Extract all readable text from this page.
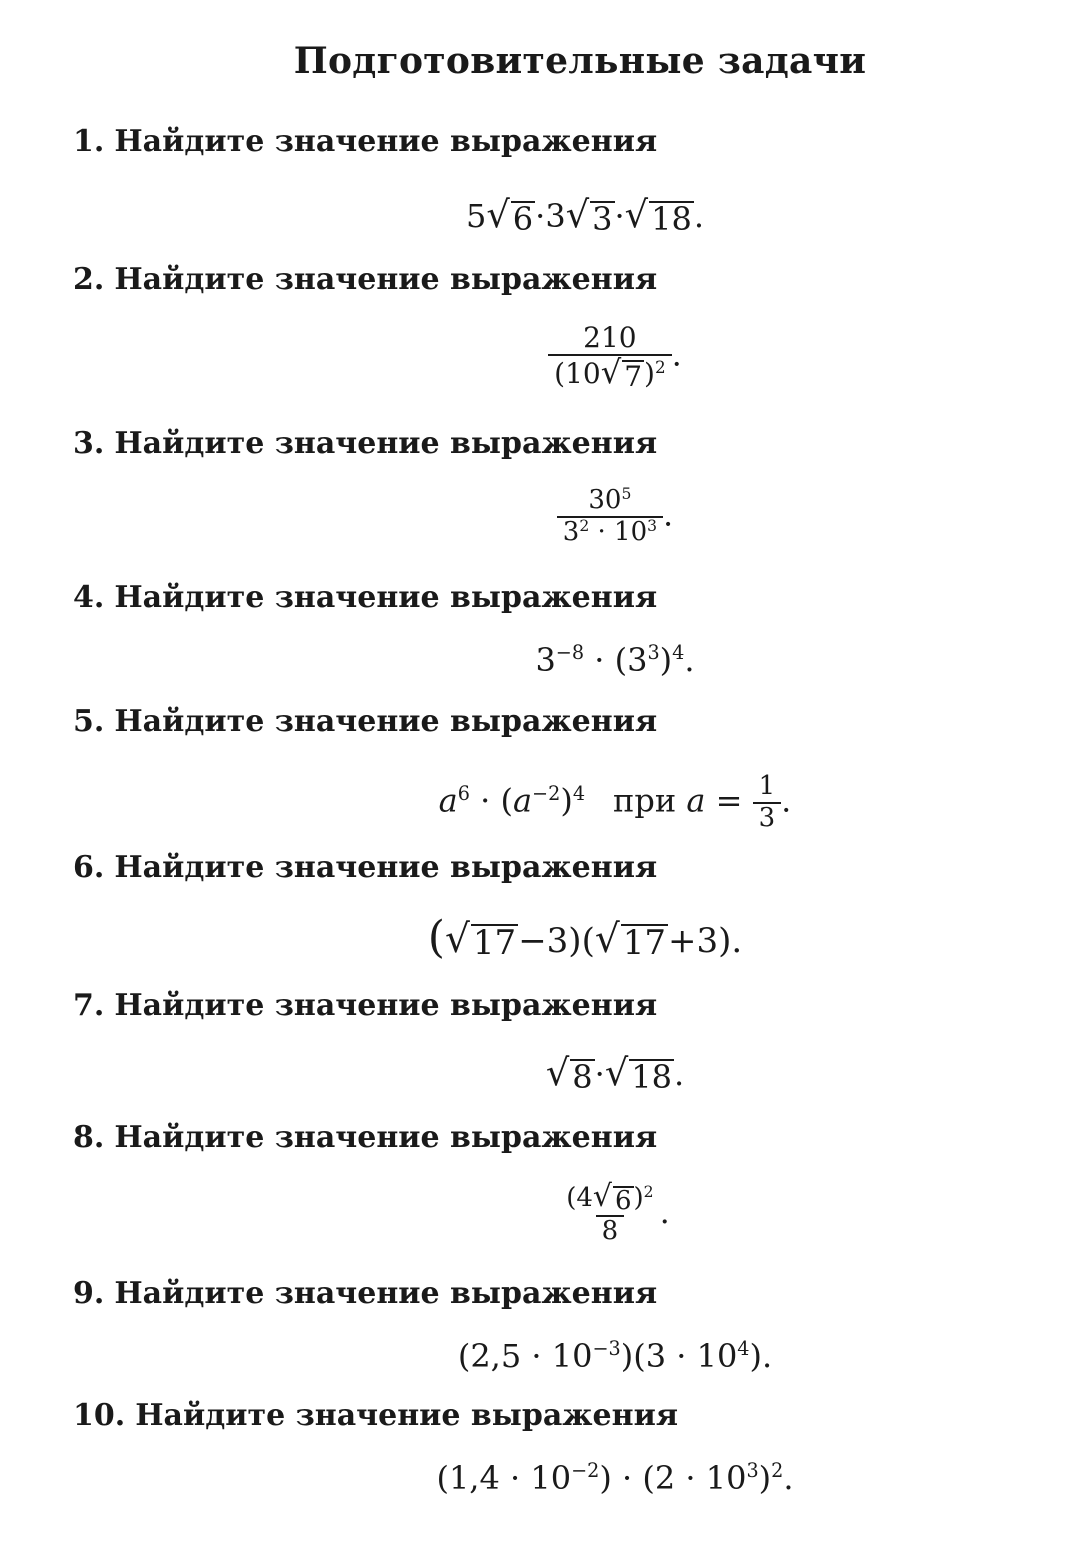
Подготовительные задачи
1. Найдите значение выражения
5 √ 6 ·3 √ 3 · √ 18 .
2. Найдите значение выражения
$\frac{210}{(10 √ 7 )^2}$ .
3. Найдите значение выражения
$\frac{30^5}{3^2 \cdot 10^3}$ .
4. Найдите значение выражения
$3^{-8} \cdot (3^3)^4$.
5. Найдите значение выражения
$a^6 \cdot (a^{-2})^4$ при $a = \frac{1}{3}$ .
6. Найдите значение выражения
( √ 17 −3)( √ 17 +3).
7. Найдите значение выражения
√ 8 · √ 18 .
8. Найдите значение выражения
$\frac{(4 √ 6 )^2}{8}$ .
9. Найдите значение выражения
$(2,5 \cdot 10^{-3})(3 \cdot 10^4)$.
10. Найдите значение выражения
$(1,4 \cdot 10^{-2}) \cdot (2 \cdot 10^3)^2$.
